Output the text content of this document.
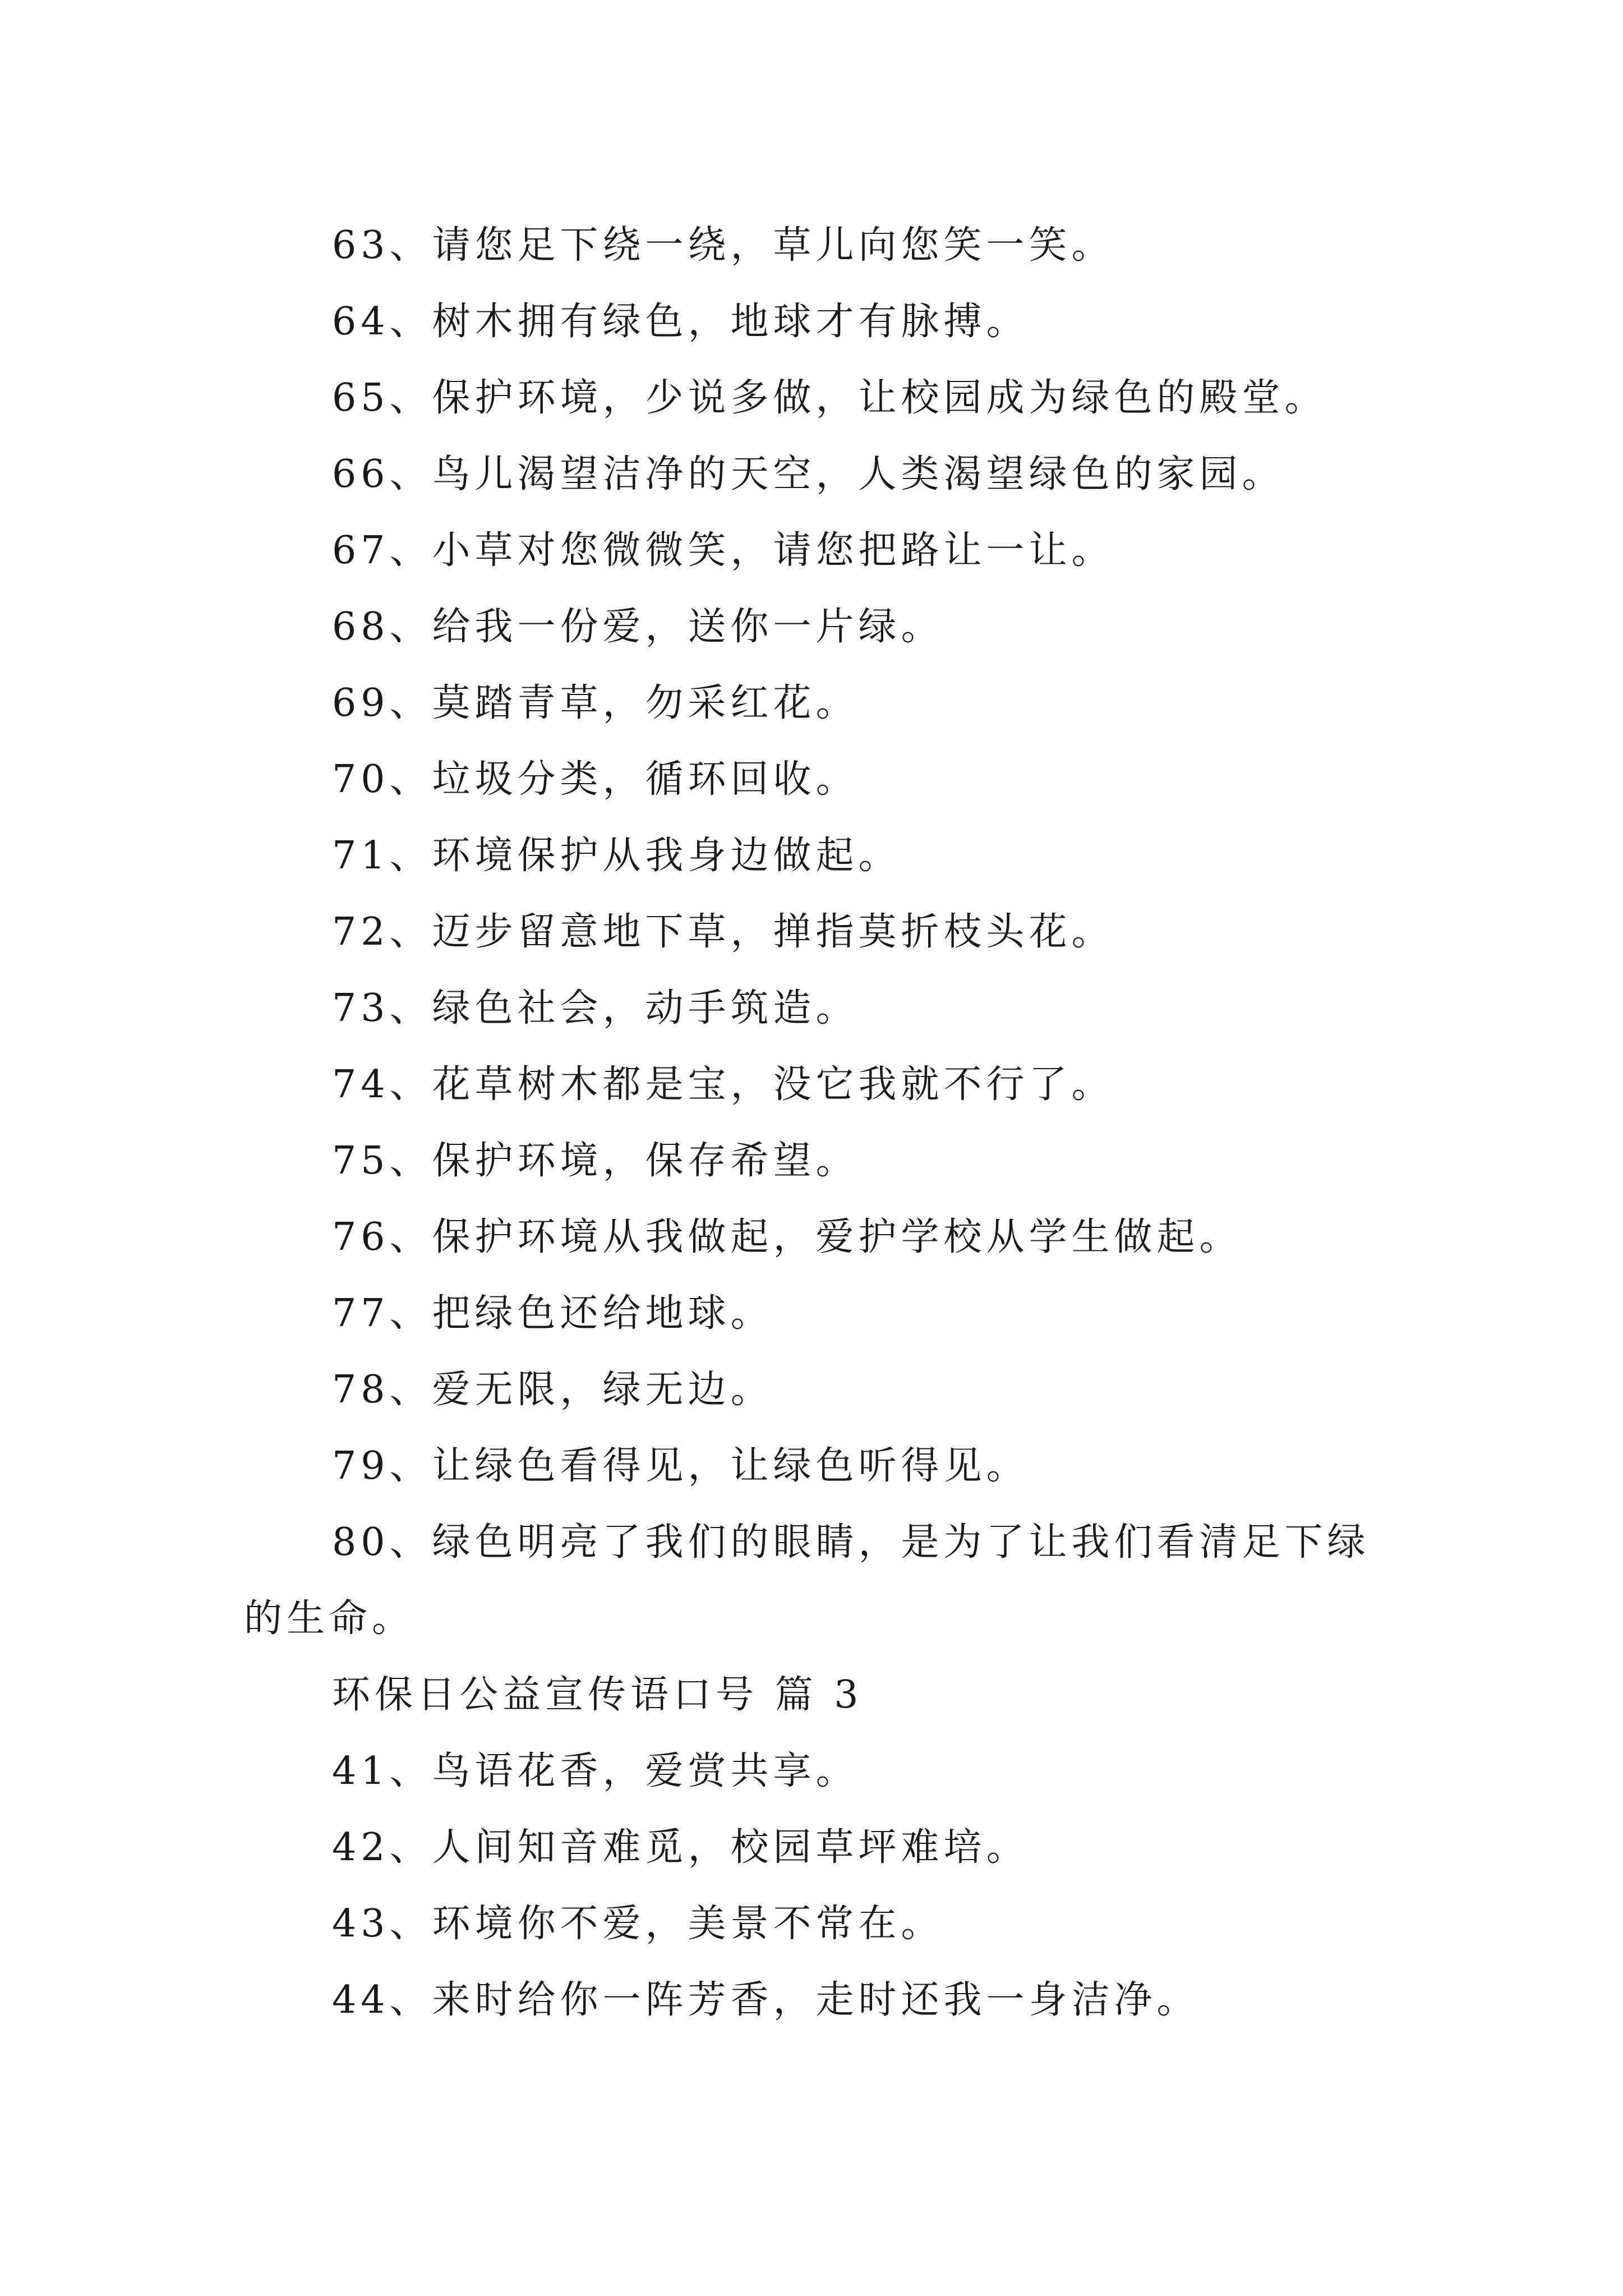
63、请您足下绕一绕，草儿向您笑一笑。
64、树木拥有绿色，地球才有脉搏。
65、保护环境，少说多做，让校园成为绿色的殿堂。
66、鸟儿渴望洁净的天空，人类渴望绿色的家园。
67、小草对您微微笑，请您把路让一让。
68、给我一份爱，送你一片绿。
69、莫踏青草，勿采红花。
70、垃圾分类，循环回收。
71、环境保护从我身边做起。
72、迈步留意地下草，掸指莫折枝头花。
73、绿色社会，动手筑造。
74、花草树木都是宝，没它我就不行了。
75、保护环境，保存希望。
76、保护环境从我做起，爱护学校从学生做起。
77、把绿色还给地球。
78、爱无限，绿无边。
79、让绿色看得见，让绿色听得见。
80、绿色明亮了我们的眼睛，是为了让我们看清足下绿
的生命。
环保日公益宣传语口号 篇 3
41、鸟语花香，爱赏共享。
42、人间知音难觅，校园草坪难培。
43、环境你不爱，美景不常在。
44、来时给你一阵芳香，走时还我一身洁净。
